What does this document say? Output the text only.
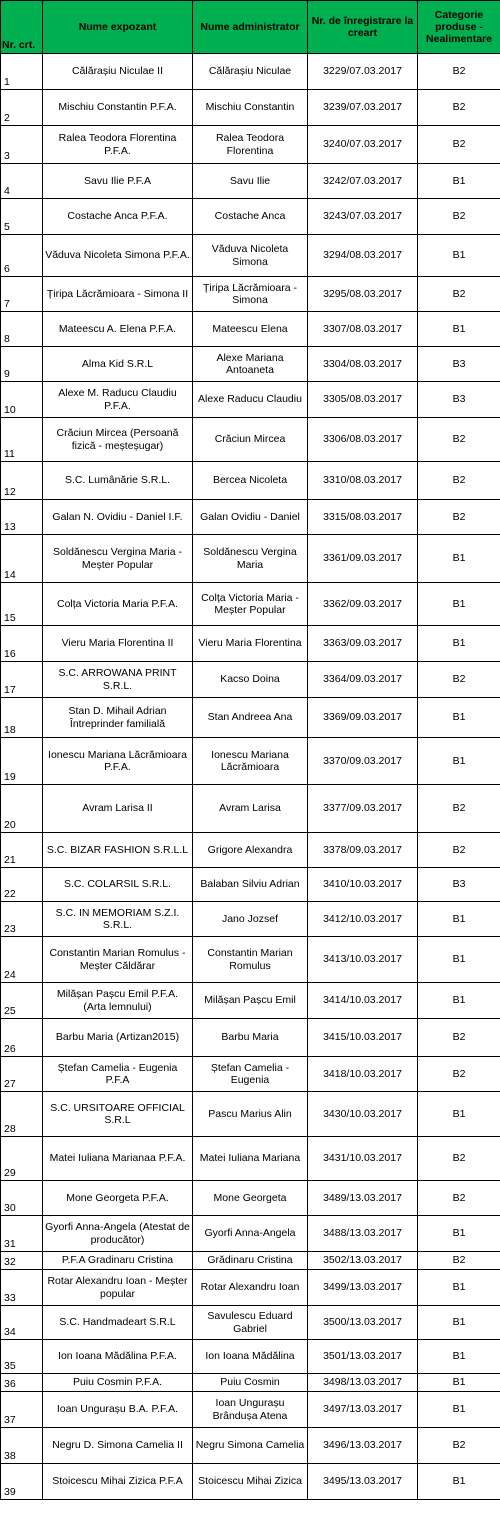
Nr. crt.	Nume expozant	Nume administrator	Nr. de înregistrare la creart	Categorie produse - Nealimentare
1	Călărașiu Niculae II	Călărașiu Niculae	3229/07.03.2017	B2
2	Mischiu Constantin P.F.A.	Mischiu Constantin	3239/07.03.2017	B2
3	Ralea Teodora Florentina P.F.A.	Ralea Teodora Florentina	3240/07.03.2017	B2
4	Savu Ilie P.F.A	Savu Ilie	3242/07.03.2017	B1
5	Costache Anca P.F.A.	Costache Anca	3243/07.03.2017	B2
6	Văduva Nicoleta Simona P.F.A.	Văduva Nicoleta Simona	3294/08.03.2017	B1
7	Țiripa Lăcrămioara - Simona II	Țiripa Lăcrămioara - Simona	3295/08.03.2017	B2
8	Mateescu A. Elena P.F.A.	Mateescu Elena	3307/08.03.2017	B1
9	Alma Kid S.R.L	Alexe Mariana Antoaneta	3304/08.03.2017	B3
10	Alexe M. Raducu Claudiu P.F.A.	Alexe Raducu Claudiu	3305/08.03.2017	B3
11	Crăciun Mircea (Persoană fizică - meșteșugar)	Crăciun Mircea	3306/08.03.2017	B2
12	S.C. Lumânărie S.R.L.	Bercea Nicoleta	3310/08.03.2017	B2
13	Galan N. Ovidiu - Daniel I.F.	Galan Ovidiu - Daniel	3315/08.03.2017	B2
14	Soldănescu Vergina Maria - Meșter Popular	Soldănescu Vergina Maria	3361/09.03.2017	B1
15	Colța Victoria Maria P.F.A.	Colța Victoria Maria - Meșter Popular	3362/09.03.2017	B1
16	Vieru Maria Florentina II	Vieru Maria Florentina	3363/09.03.2017	B1
17	S.C. ARROWANA PRINT S.R.L.	Kacso Doina	3364/09.03.2017	B2
18	Stan D. Mihail Adrian Întreprinder familială	Stan Andreea Ana	3369/09.03.2017	B1
19	Ionescu Mariana Lăcrămioara P.F.A.	Ionescu Mariana Lăcrămioara	3370/09.03.2017	B1
20	Avram Larisa II	Avram Larisa	3377/09.03.2017	B2
21	S.C. BIZAR FASHION S.R.L.L	Grigore Alexandra	3378/09.03.2017	B2
22	S.C. COLARSIL S.R.L.	Balaban Silviu Adrian	3410/10.03.2017	B3
23	S.C. IN MEMORIAM S.Z.I. S.R.L.	Jano Jozsef	3412/10.03.2017	B1
24	Constantin Marian Romulus - Meșter Căldărar	Constantin Marian Romulus	3413/10.03.2017	B1
25	Milășan Pașcu Emil P.F.A. (Arta lemnului)	Milășan Pașcu Emil	3414/10.03.2017	B1
26	Barbu Maria (Artizan2015)	Barbu Maria	3415/10.03.2017	B2
27	Ștefan Camelia - Eugenia P.F.A	Ștefan Camelia - Eugenia	3418/10.03.2017	B2
28	S.C. URSITOARE OFFICIAL S.R.L	Pascu Marius Alin	3430/10.03.2017	B1
29	Matei Iuliana Marianaa P.F.A.	Matei Iuliana Mariana	3431/10.03.2017	B2
30	Mone Georgeta P.F.A.	Mone Georgeta	3489/13.03.2017	B2
31	Gyorfi Anna-Angela (Atestat de producător)	Gyorfi Anna-Angela	3488/13.03.2017	B1
32	P.F.A Gradinaru Cristina	Grădinaru Cristina	3502/13.03.2017	B2
33	Rotar Alexandru Ioan - Meșter popular	Rotar Alexandru Ioan	3499/13.03.2017	B1
34	S.C. Handmadeart S.R.L	Savulescu Eduard Gabriel	3500/13.03.2017	B1
35	Ion Ioana Mădălina P.F.A.	Ion Ioana Mădălina	3501/13.03.2017	B1
36	Puiu Cosmin P.F.A.	Puiu Cosmin	3498/13.03.2017	B1
37	Ioan Ungurașu B.A. P.F.A.	Ioan Ungurașu Brândușa Atena	3497/13.03.2017	B1
38	Negru D. Simona Camelia II	Negru Simona Camelia	3496/13.03.2017	B2
39	Stoicescu Mihai Zizica P.F.A	Stoicescu Mihai Zizica	3495/13.03.2017	B1
